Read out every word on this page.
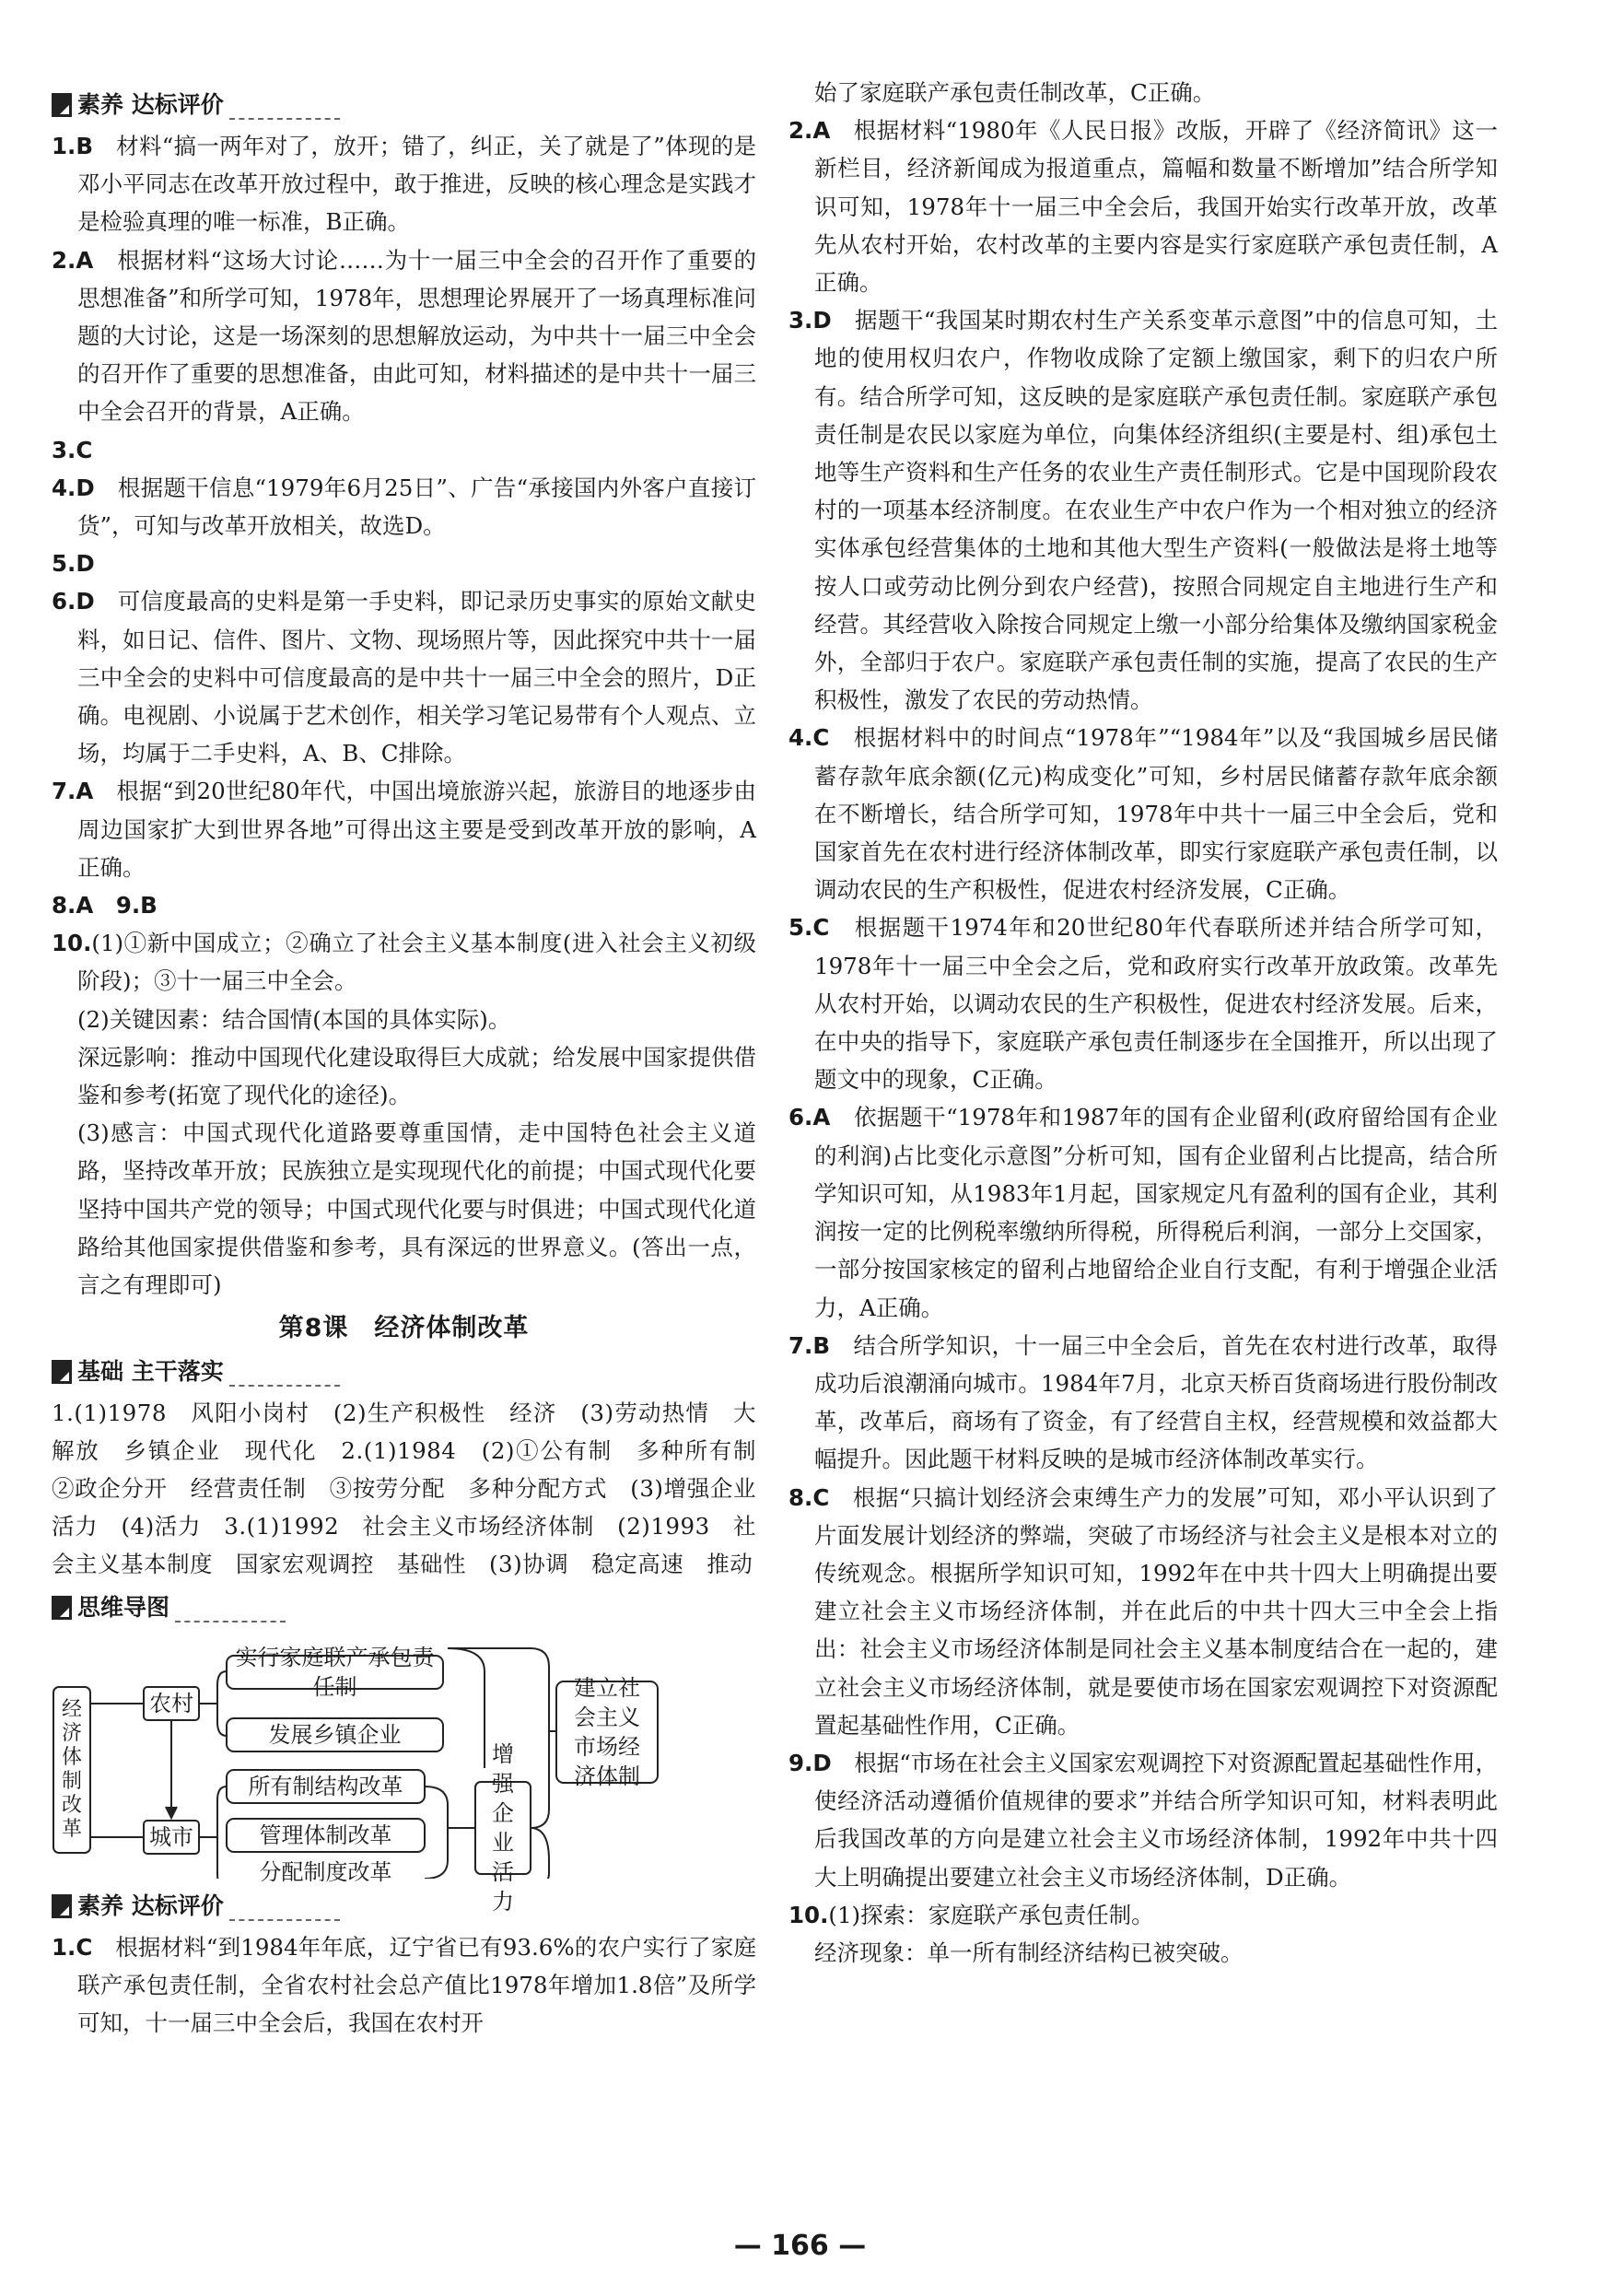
素养 达标评价

1.B　 材料“搞一两年对了，放开；错了，纠正，关了就是了”体现的是邓小平同志在改革开放过程中，敢于推进，反映的核心理念是实践才是检验真理的唯一标准，B正确。

2.A　 根据材料“这场大讨论……为十一届三中全会的召开作了重要的思想准备”和所学可知，1978年，思想理论界展开了一场真理标准问题的大讨论，这是一场深刻的思想解放运动，为中共十一届三中全会的召开作了重要的思想准备，由此可知，材料描述的是中共十一届三中全会召开的背景，A正确。

3.C

4.D　 根据题干信息“1979年6月25日”、广告“承接国内外客户直接订货”，可知与改革开放相关，故选D。

5.D

6.D　 可信度最高的史料是第一手史料，即记录历史事实的原始文献史料，如日记、信件、图片、文物、现场照片等，因此探究中共十一届三中全会的史料中可信度最高的是中共十一届三中全会的照片，D正确。电视剧、小说属于艺术创作，相关学习笔记易带有个人观点、立场，均属于二手史料，A、B、C排除。

7.A　 根据“到20世纪80年代，中国出境旅游兴起，旅游目的地逐步由周边国家扩大到世界各地”可得出这主要是受到改革开放的影响，A正确。

8.A　9.B

10.(1)①新中国成立；②确立了社会主义基本制度(进入社会主义初级阶段)；③十一届三中全会。

(2)关键因素：结合国情(本国的具体实际)。

深远影响：推动中国现代化建设取得巨大成就；给发展中国家提供借鉴和参考(拓宽了现代化的途径)。

(3)感言：中国式现代化道路要尊重国情，走中国特色社会主义道路，坚持改革开放；民族独立是实现现代化的前提；中国式现代化要坚持中国共产党的领导；中国式现代化要与时俱进；中国式现代化道路给其他国家提供借鉴和参考，具有深远的世界意义。(答出一点，言之有理即可)

第8课　经济体制改革
基础 主干落实

1.(1)1978　风阳小岗村　(2)生产积极性　经济　(3)劳动热情　大解放　乡镇企业　现代化　2.(1)1984　(2)①公有制　多种所有制　②政企分开　经营责任制　③按劳分配　多种分配方式　(3)增强企业活力　(4)活力　3.(1)1992　社会主义市场经济体制　(2)1993　社会主义基本制度　国家宏观调控　基础性　(3)协调　稳定高速　推动

思维导图
经济体制改革
农村
城市
实行家庭联产承包责任制
发展乡镇企业
所有制结构改革
管理体制改革
分配制度改革
增强企业活力
建立社会主义市场经济体制
素养 达标评价

1.C　 根据材料“到1984年年底，辽宁省已有93.6%的农户实行了家庭联产承包责任制，全省农村社会总产值比1978年增加1.8倍”及所学可知，十一届三中全会后，我国在农村开

始了家庭联产承包责任制改革，C正确。

2.A　 根据材料“1980年《人民日报》改版，开辟了《经济简讯》这一新栏目，经济新闻成为报道重点，篇幅和数量不断增加”结合所学知识可知，1978年十一届三中全会后，我国开始实行改革开放，改革先从农村开始，农村改革的主要内容是实行家庭联产承包责任制，A正确。

3.D　 据题干“我国某时期农村生产关系变革示意图”中的信息可知，土地的使用权归农户，作物收成除了定额上缴国家，剩下的归农户所有。结合所学可知，这反映的是家庭联产承包责任制。家庭联产承包责任制是农民以家庭为单位，向集体经济组织(主要是村、组)承包土地等生产资料和生产任务的农业生产责任制形式。它是中国现阶段农村的一项基本经济制度。在农业生产中农户作为一个相对独立的经济实体承包经营集体的土地和其他大型生产资料(一般做法是将土地等按人口或劳动比例分到农户经营)，按照合同规定自主地进行生产和经营。其经营收入除按合同规定上缴一小部分给集体及缴纳国家税金外，全部归于农户。家庭联产承包责任制的实施，提高了农民的生产积极性，激发了农民的劳动热情。

4.C　 根据材料中的时间点“1978年”“1984年”以及“我国城乡居民储蓄存款年底余额(亿元)构成变化”可知，乡村居民储蓄存款年底余额在不断增长，结合所学可知，1978年中共十一届三中全会后，党和国家首先在农村进行经济体制改革，即实行家庭联产承包责任制，以调动农民的生产积极性，促进农村经济发展，C正确。

5.C　 根据题干1974年和20世纪80年代春联所述并结合所学可知，1978年十一届三中全会之后，党和政府实行改革开放政策。改革先从农村开始，以调动农民的生产积极性，促进农村经济发展。后来，在中央的指导下，家庭联产承包责任制逐步在全国推开，所以出现了题文中的现象，C正确。

6.A　 依据题干“1978年和1987年的国有企业留利(政府留给国有企业的利润)占比变化示意图”分析可知，国有企业留利占比提高，结合所学知识可知，从1983年1月起，国家规定凡有盈利的国有企业，其利润按一定的比例税率缴纳所得税，所得税后利润，一部分上交国家，一部分按国家核定的留利占地留给企业自行支配，有利于增强企业活力，A正确。

7.B　 结合所学知识，十一届三中全会后，首先在农村进行改革，取得成功后浪潮涌向城市。1984年7月，北京天桥百货商场进行股份制改革，改革后，商场有了资金，有了经营自主权，经营规模和效益都大幅提升。因此题干材料反映的是城市经济体制改革实行。

8.C　 根据“只搞计划经济会束缚生产力的发展”可知，邓小平认识到了片面发展计划经济的弊端，突破了市场经济与社会主义是根本对立的传统观念。根据所学知识可知，1992年在中共十四大上明确提出要建立社会主义市场经济体制，并在此后的中共十四大三中全会上指出：社会主义市场经济体制是同社会主义基本制度结合在一起的，建立社会主义市场经济体制，就是要使市场在国家宏观调控下对资源配置起基础性作用，C正确。

9.D　 根据“市场在社会主义国家宏观调控下对资源配置起基础性作用，使经济活动遵循价值规律的要求”并结合所学知识可知，材料表明此后我国改革的方向是建立社会主义市场经济体制，1992年中共十四大上明确提出要建立社会主义市场经济体制，D正确。

10.(1)探索：家庭联产承包责任制。

经济现象：单一所有制经济结构已被突破。

— 166 —
